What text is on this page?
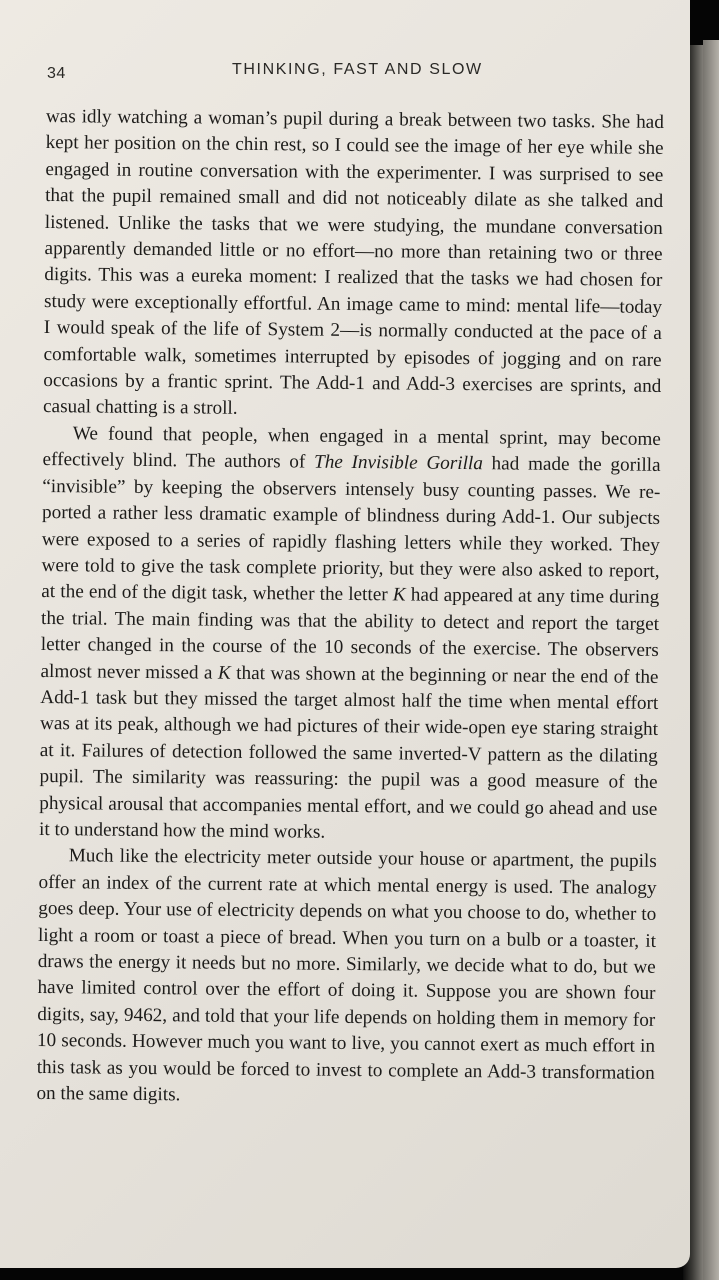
34	THINKING, FAST AND SLOW

was idly watching a woman’s pupil during a break between two tasks. She had kept her position on the chin rest, so I could see the image of her eye while she engaged in routine conversation with the experimenter. I was surprised to see that the pupil remained small and did not noticeably dilate as she talked and listened. Unlike the tasks that we were studying, the mundane conversation apparently demanded little or no effort—no more than retaining two or three digits. This was a eureka moment: I realized that the tasks we had chosen for study were exceptionally effortful. An image came to mind: mental life—today I would speak of the life of System 2—is normally conducted at the pace of a comfortable walk, sometimes interrupted by episodes of jogging and on rare occasions by a frantic sprint. The Add-1 and Add-3 exercises are sprints, and casual chatting is a stroll.

We found that people, when engaged in a mental sprint, may become effectively blind. The authors of The Invisible Gorilla had made the gorilla “invisible” by keeping the observers intensely busy counting passes. We reported a rather less dramatic example of blindness during Add-1. Our subjects were exposed to a series of rapidly flashing letters while they worked. They were told to give the task complete priority, but they were also asked to report, at the end of the digit task, whether the letter K had appeared at any time during the trial. The main finding was that the ability to detect and report the target letter changed in the course of the 10 seconds of the exercise. The observers almost never missed a K that was shown at the beginning or near the end of the Add-1 task but they missed the target almost half the time when mental effort was at its peak, although we had pictures of their wide-open eye staring straight at it. Failures of detection followed the same inverted-V pattern as the dilating pupil. The similarity was reassuring: the pupil was a good measure of the physical arousal that accompanies mental effort, and we could go ahead and use it to understand how the mind works.

Much like the electricity meter outside your house or apartment, the pupils offer an index of the current rate at which mental energy is used. The analogy goes deep. Your use of electricity depends on what you choose to do, whether to light a room or toast a piece of bread. When you turn on a bulb or a toaster, it draws the energy it needs but no more. Similarly, we decide what to do, but we have limited control over the effort of doing it. Suppose you are shown four digits, say, 9462, and told that your life depends on holding them in memory for 10 seconds. However much you want to live, you cannot exert as much effort in this task as you would be forced to invest to complete an Add-3 transformation on the same digits.
